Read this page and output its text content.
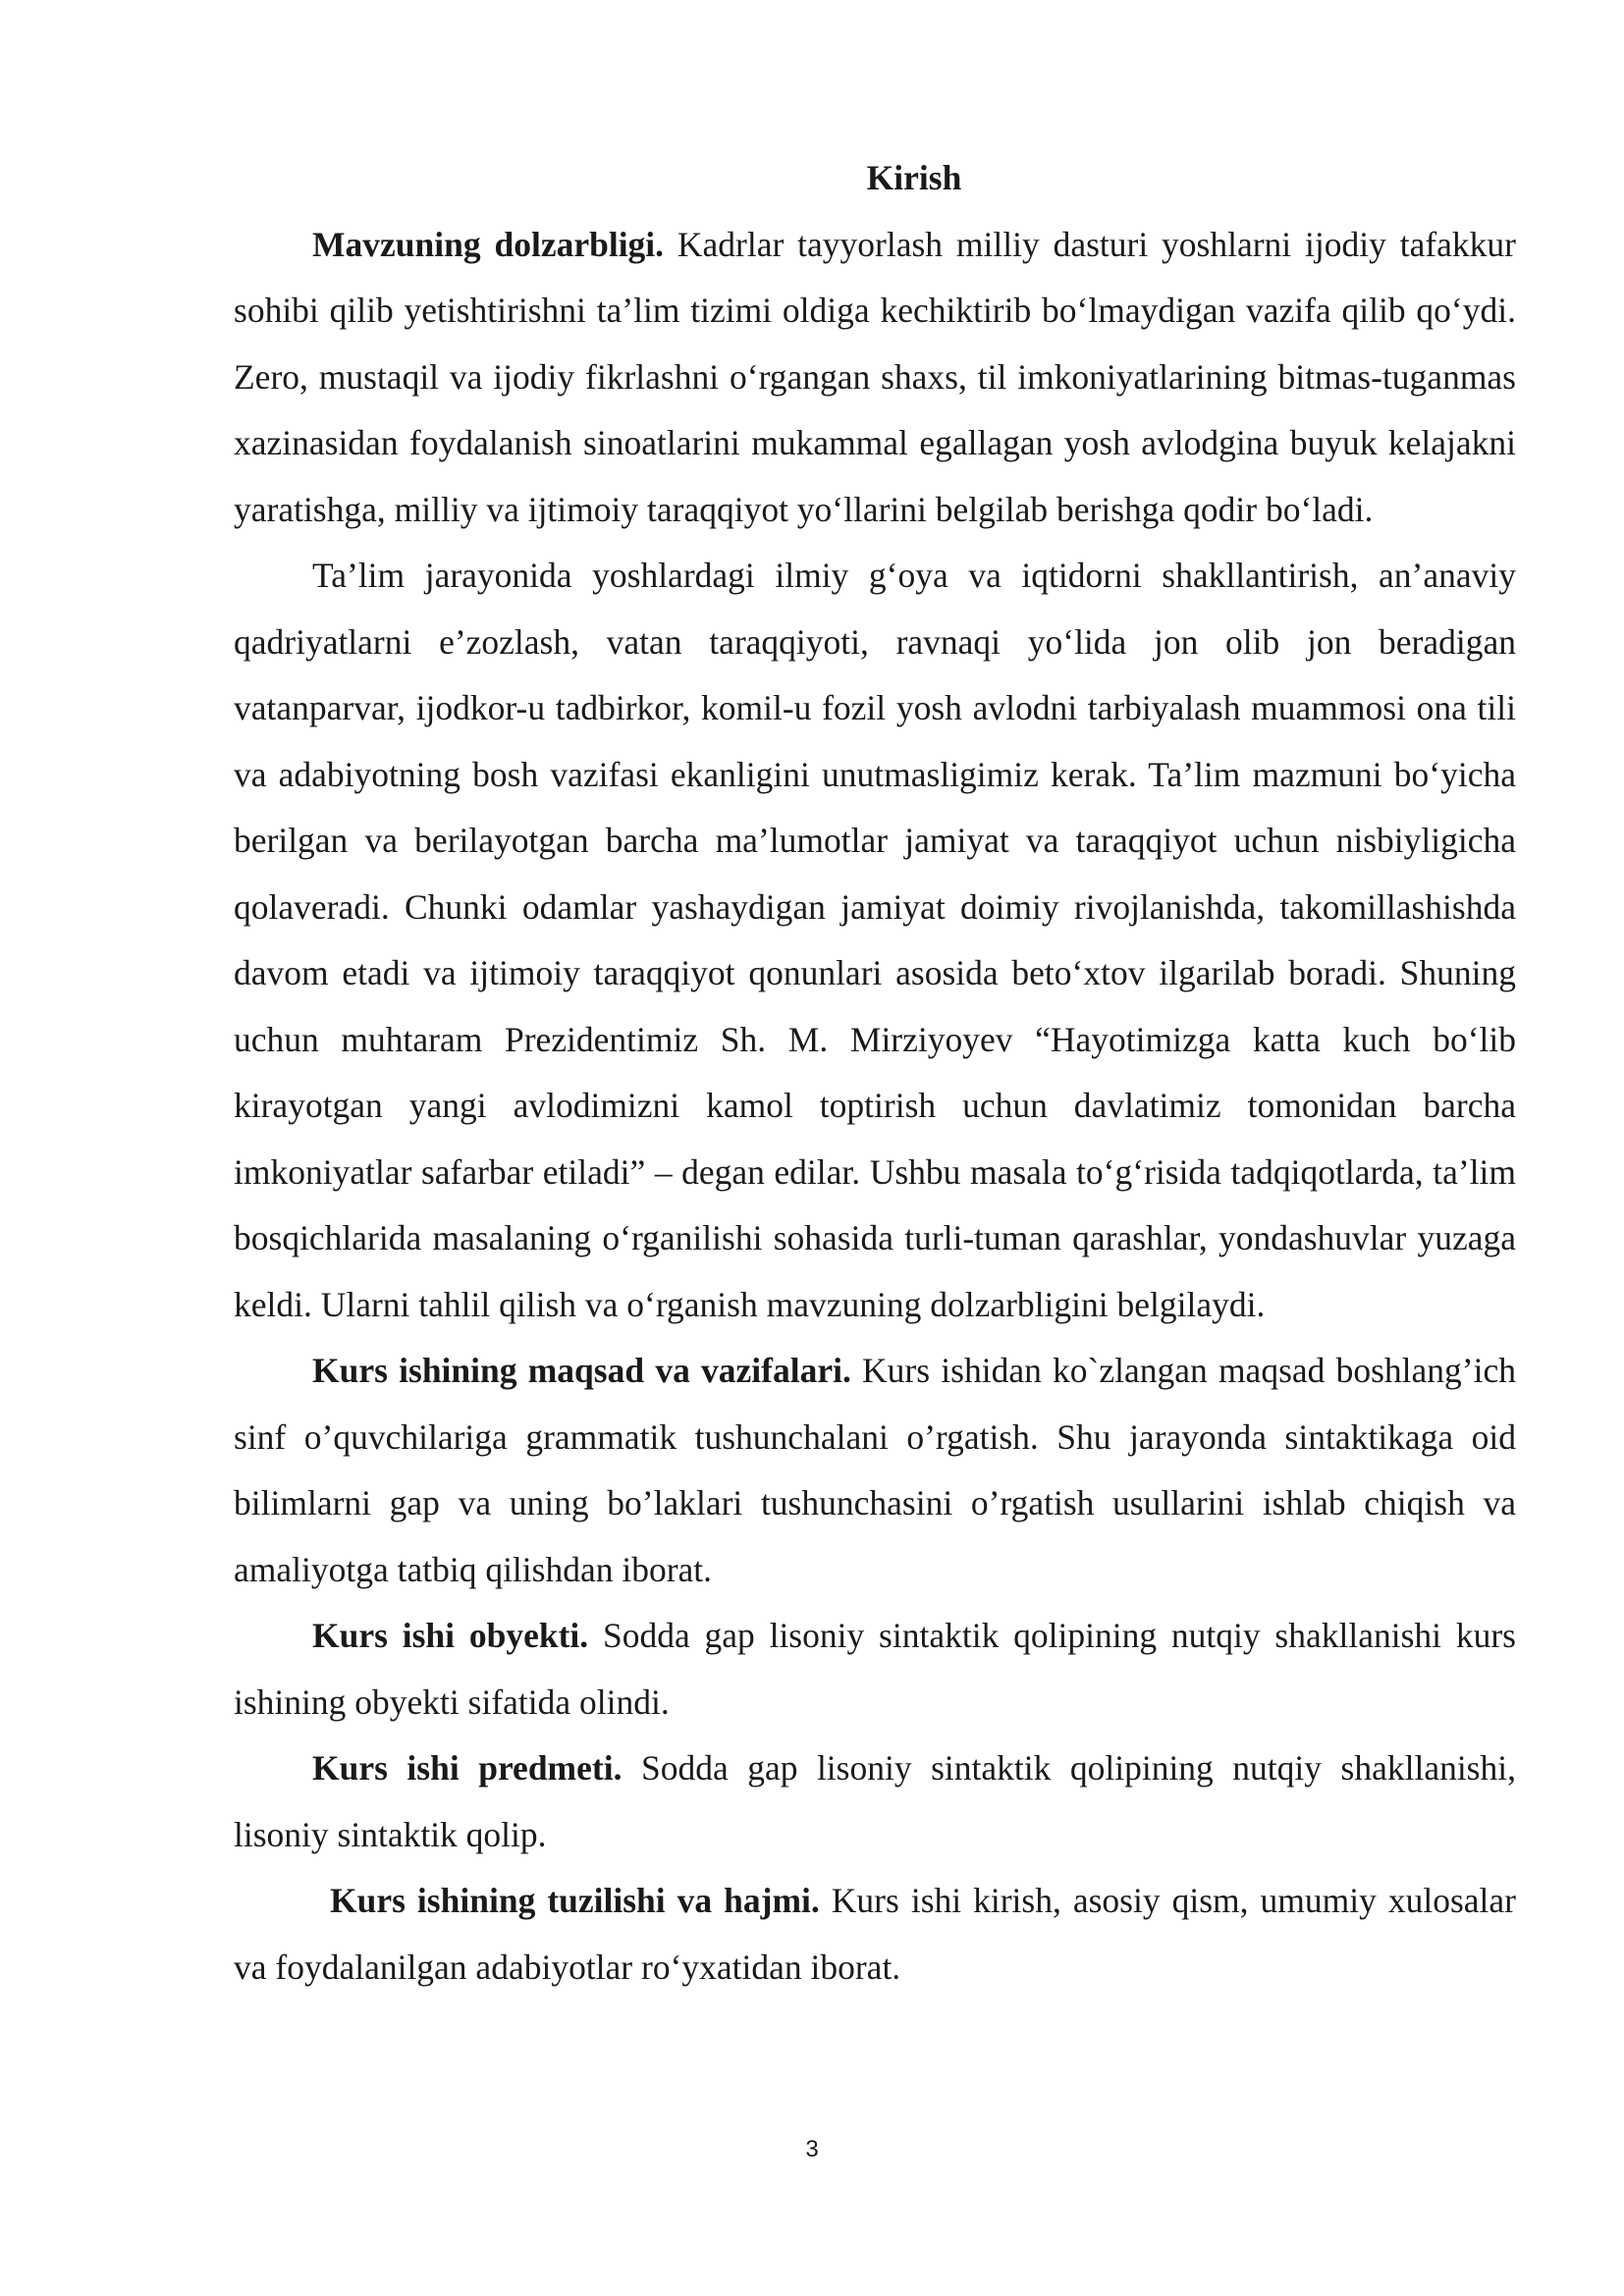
Kirish

Mavzuning dolzarbligi. Kadrlar tayyorlash milliy dasturi yoshlarni ijodiy tafakkur sohibi qilib yetishtirishni ta’lim tizimi oldiga kechiktirib bo‘lmaydigan vazifa qilib qo‘ydi. Zero, mustaqil va ijodiy fikrlashni o‘rgangan shaxs, til imkoniyatlarining bitmas-tuganmas xazinasidan foydalanish sinoatlarini mukammal egallagan yosh avlodgina buyuk kelajakni yaratishga, milliy va ijtimoiy taraqqiyot yo‘llarini belgilab berishga qodir bo‘ladi.

Ta’lim jarayonida yoshlardagi ilmiy g‘oya va iqtidorni shakllantirish, an’anaviy qadriyatlarni e’zozlash, vatan taraqqiyoti, ravnaqi yo‘lida jon olib jon beradigan vatanparvar, ijodkor-u tadbirkor, komil-u fozil yosh avlodni tarbiyalash muammosi ona tili va adabiyotning bosh vazifasi ekanligini unutmasligimiz kerak. Ta’lim mazmuni bo‘yicha berilgan va berilayotgan barcha ma’lumotlar jamiyat va taraqqiyot uchun nisbiyligicha qolaveradi. Chunki odamlar yashaydigan jamiyat doimiy rivojlanishda, takomillashishda davom etadi va ijtimoiy taraqqiyot qonunlari asosida beto‘xtov ilgarilab boradi. Shuning uchun muhtaram Prezidentimiz Sh. M. Mirziyoyev “Hayotimizga katta kuch bo‘lib kirayotgan yangi avlodimizni kamol toptirish uchun davlatimiz tomonidan barcha imkoniyatlar safarbar etiladi” – degan edilar. Ushbu masala to‘g‘risida tadqiqotlarda, ta’lim bosqichlarida masalaning o‘rganilishi sohasida turli-tuman qarashlar, yondashuvlar yuzaga keldi. Ularni tahlil qilish va o‘rganish mavzuning dolzarbligini belgilaydi.

Kurs ishining maqsad va vazifalari. Kurs ishidan ko`zlangan maqsad boshlang’ich sinf o’quvchilariga grammatik tushunchalani o’rgatish. Shu jarayonda sintaktikaga oid bilimlarni gap va uning bo’laklari tushunchasini o’rgatish usullarini ishlab chiqish va amaliyotga tatbiq qilishdan iborat.

Kurs ishi obyekti. Sodda gap lisoniy sintaktik qolipining nutqiy shakllanishi kurs ishining obyekti sifatida olindi.

Kurs ishi predmeti. Sodda gap lisoniy sintaktik qolipining nutqiy shakllanishi, lisoniy sintaktik qolip.

Kurs ishining tuzilishi va hajmi. Kurs ishi kirish, asosiy qism, umumiy xulosalar va foydalanilgan adabiyotlar ro‘yxatidan iborat.

3
